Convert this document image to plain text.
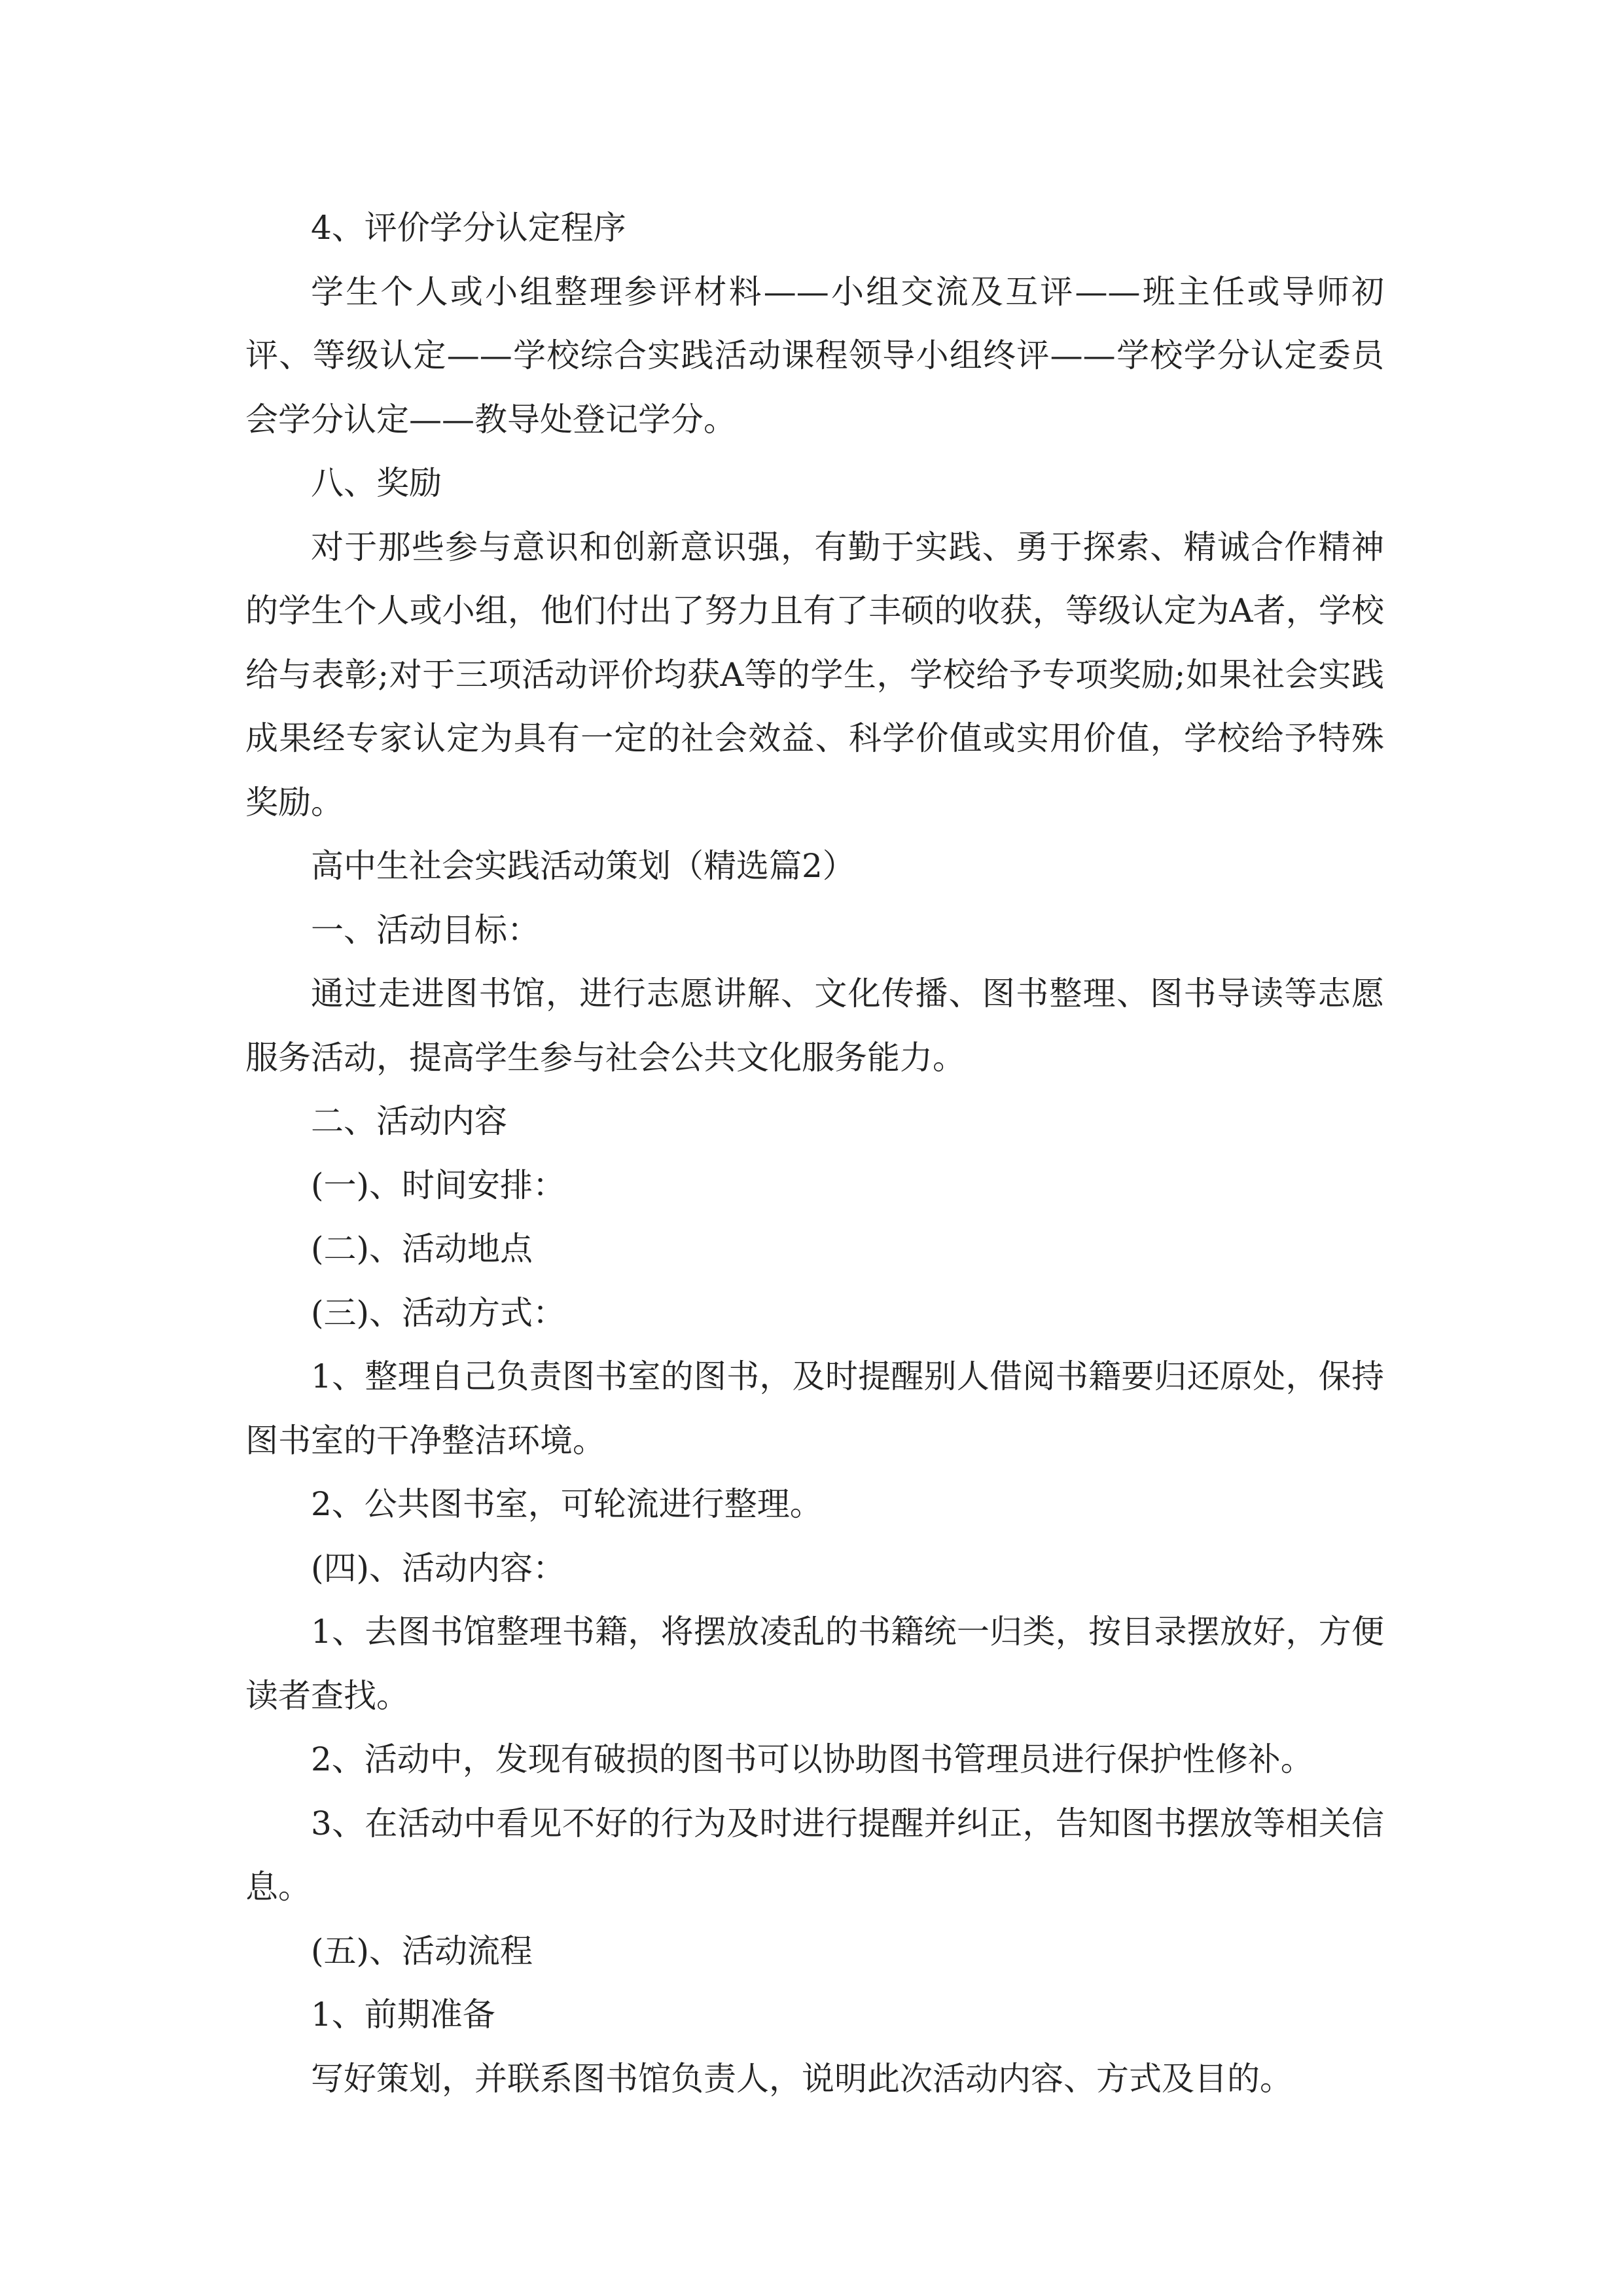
4、评价学分认定程序

学生个人或小组整理参评材料——小组交流及互评——班主任或导师初评、等级认定——学校综合实践活动课程领导小组终评——学校学分认定委员会学分认定——教导处登记学分。

八、奖励

对于那些参与意识和创新意识强，有勤于实践、勇于探索、精诚合作精神的学生个人或小组，他们付出了努力且有了丰硕的收获，等级认定为A者，学校给与表彰;对于三项活动评价均获A等的学生，学校给予专项奖励;如果社会实践成果经专家认定为具有一定的社会效益、科学价值或实用价值，学校给予特殊奖励。

高中生社会实践活动策划（精选篇2）

一、活动目标：

通过走进图书馆，进行志愿讲解、文化传播、图书整理、图书导读等志愿服务活动，提高学生参与社会公共文化服务能力。

二、活动内容

(一)、时间安排：

(二)、活动地点

(三)、活动方式：

1、整理自己负责图书室的图书，及时提醒别人借阅书籍要归还原处，保持图书室的干净整洁环境。

2、公共图书室，可轮流进行整理。

(四)、活动内容：

1、去图书馆整理书籍，将摆放凌乱的书籍统一归类，按目录摆放好，方便读者查找。

2、活动中，发现有破损的图书可以协助图书管理员进行保护性修补。

3、在活动中看见不好的行为及时进行提醒并纠正，告知图书摆放等相关信息。

(五)、活动流程

1、前期准备

写好策划，并联系图书馆负责人，说明此次活动内容、方式及目的。
